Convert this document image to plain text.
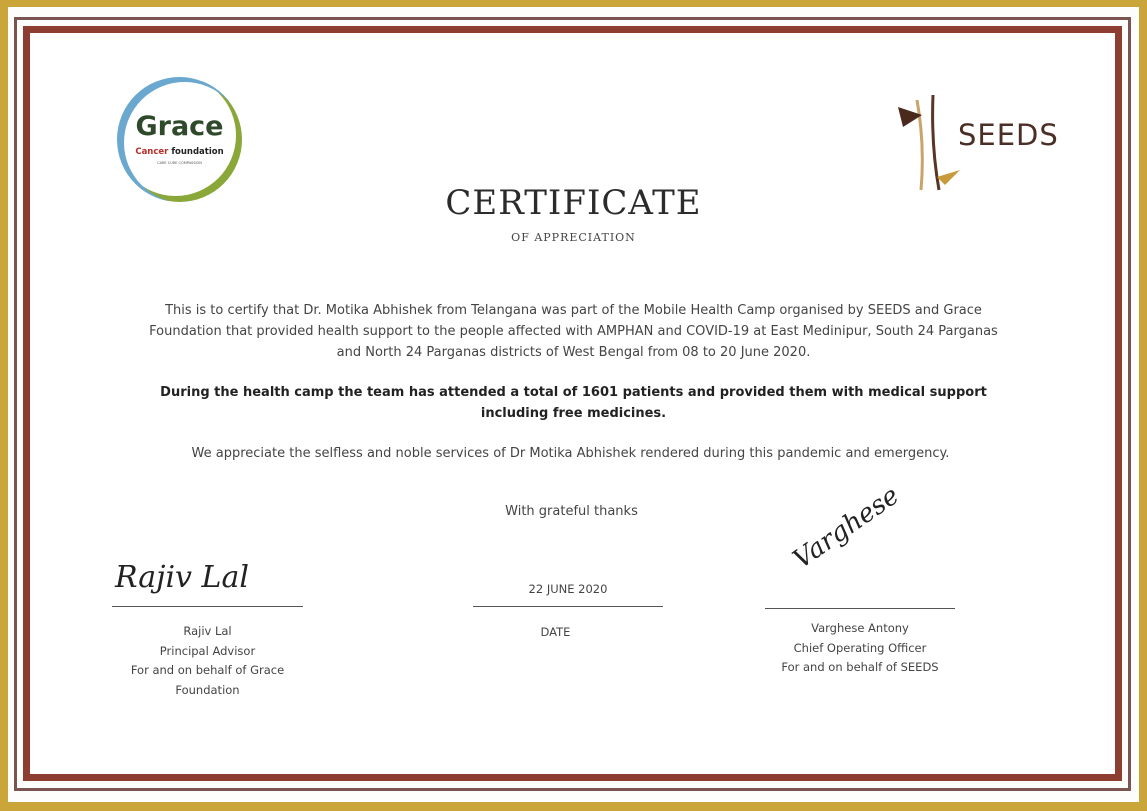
Grace
Cancer foundation
CARE CURE COMPASSION
SEEDS
CERTIFICATE
OF APPRECIATION
This is to certify that Dr. Motika Abhishek from Telangana was part of the Mobile Health Camp organised by SEEDS and Grace
Foundation that provided health support to the people affected with AMPHAN and COVID-19 at East Medinipur, South 24 Parganas
and North 24 Parganas districts of West Bengal from 08 to 20 June 2020.
During the health camp the team has attended a total of 1601 patients and provided them with medical support
including free medicines.
We appreciate the selfless and noble services of Dr Motika Abhishek rendered during this pandemic and emergency.
With grateful thanks
Rajiv Lal
Rajiv Lal
Principal Advisor
For and on behalf of Grace
Foundation
22 JUNE 2020
DATE
Varghese
Varghese Antony
Chief Operating Officer
For and on behalf of SEEDS
